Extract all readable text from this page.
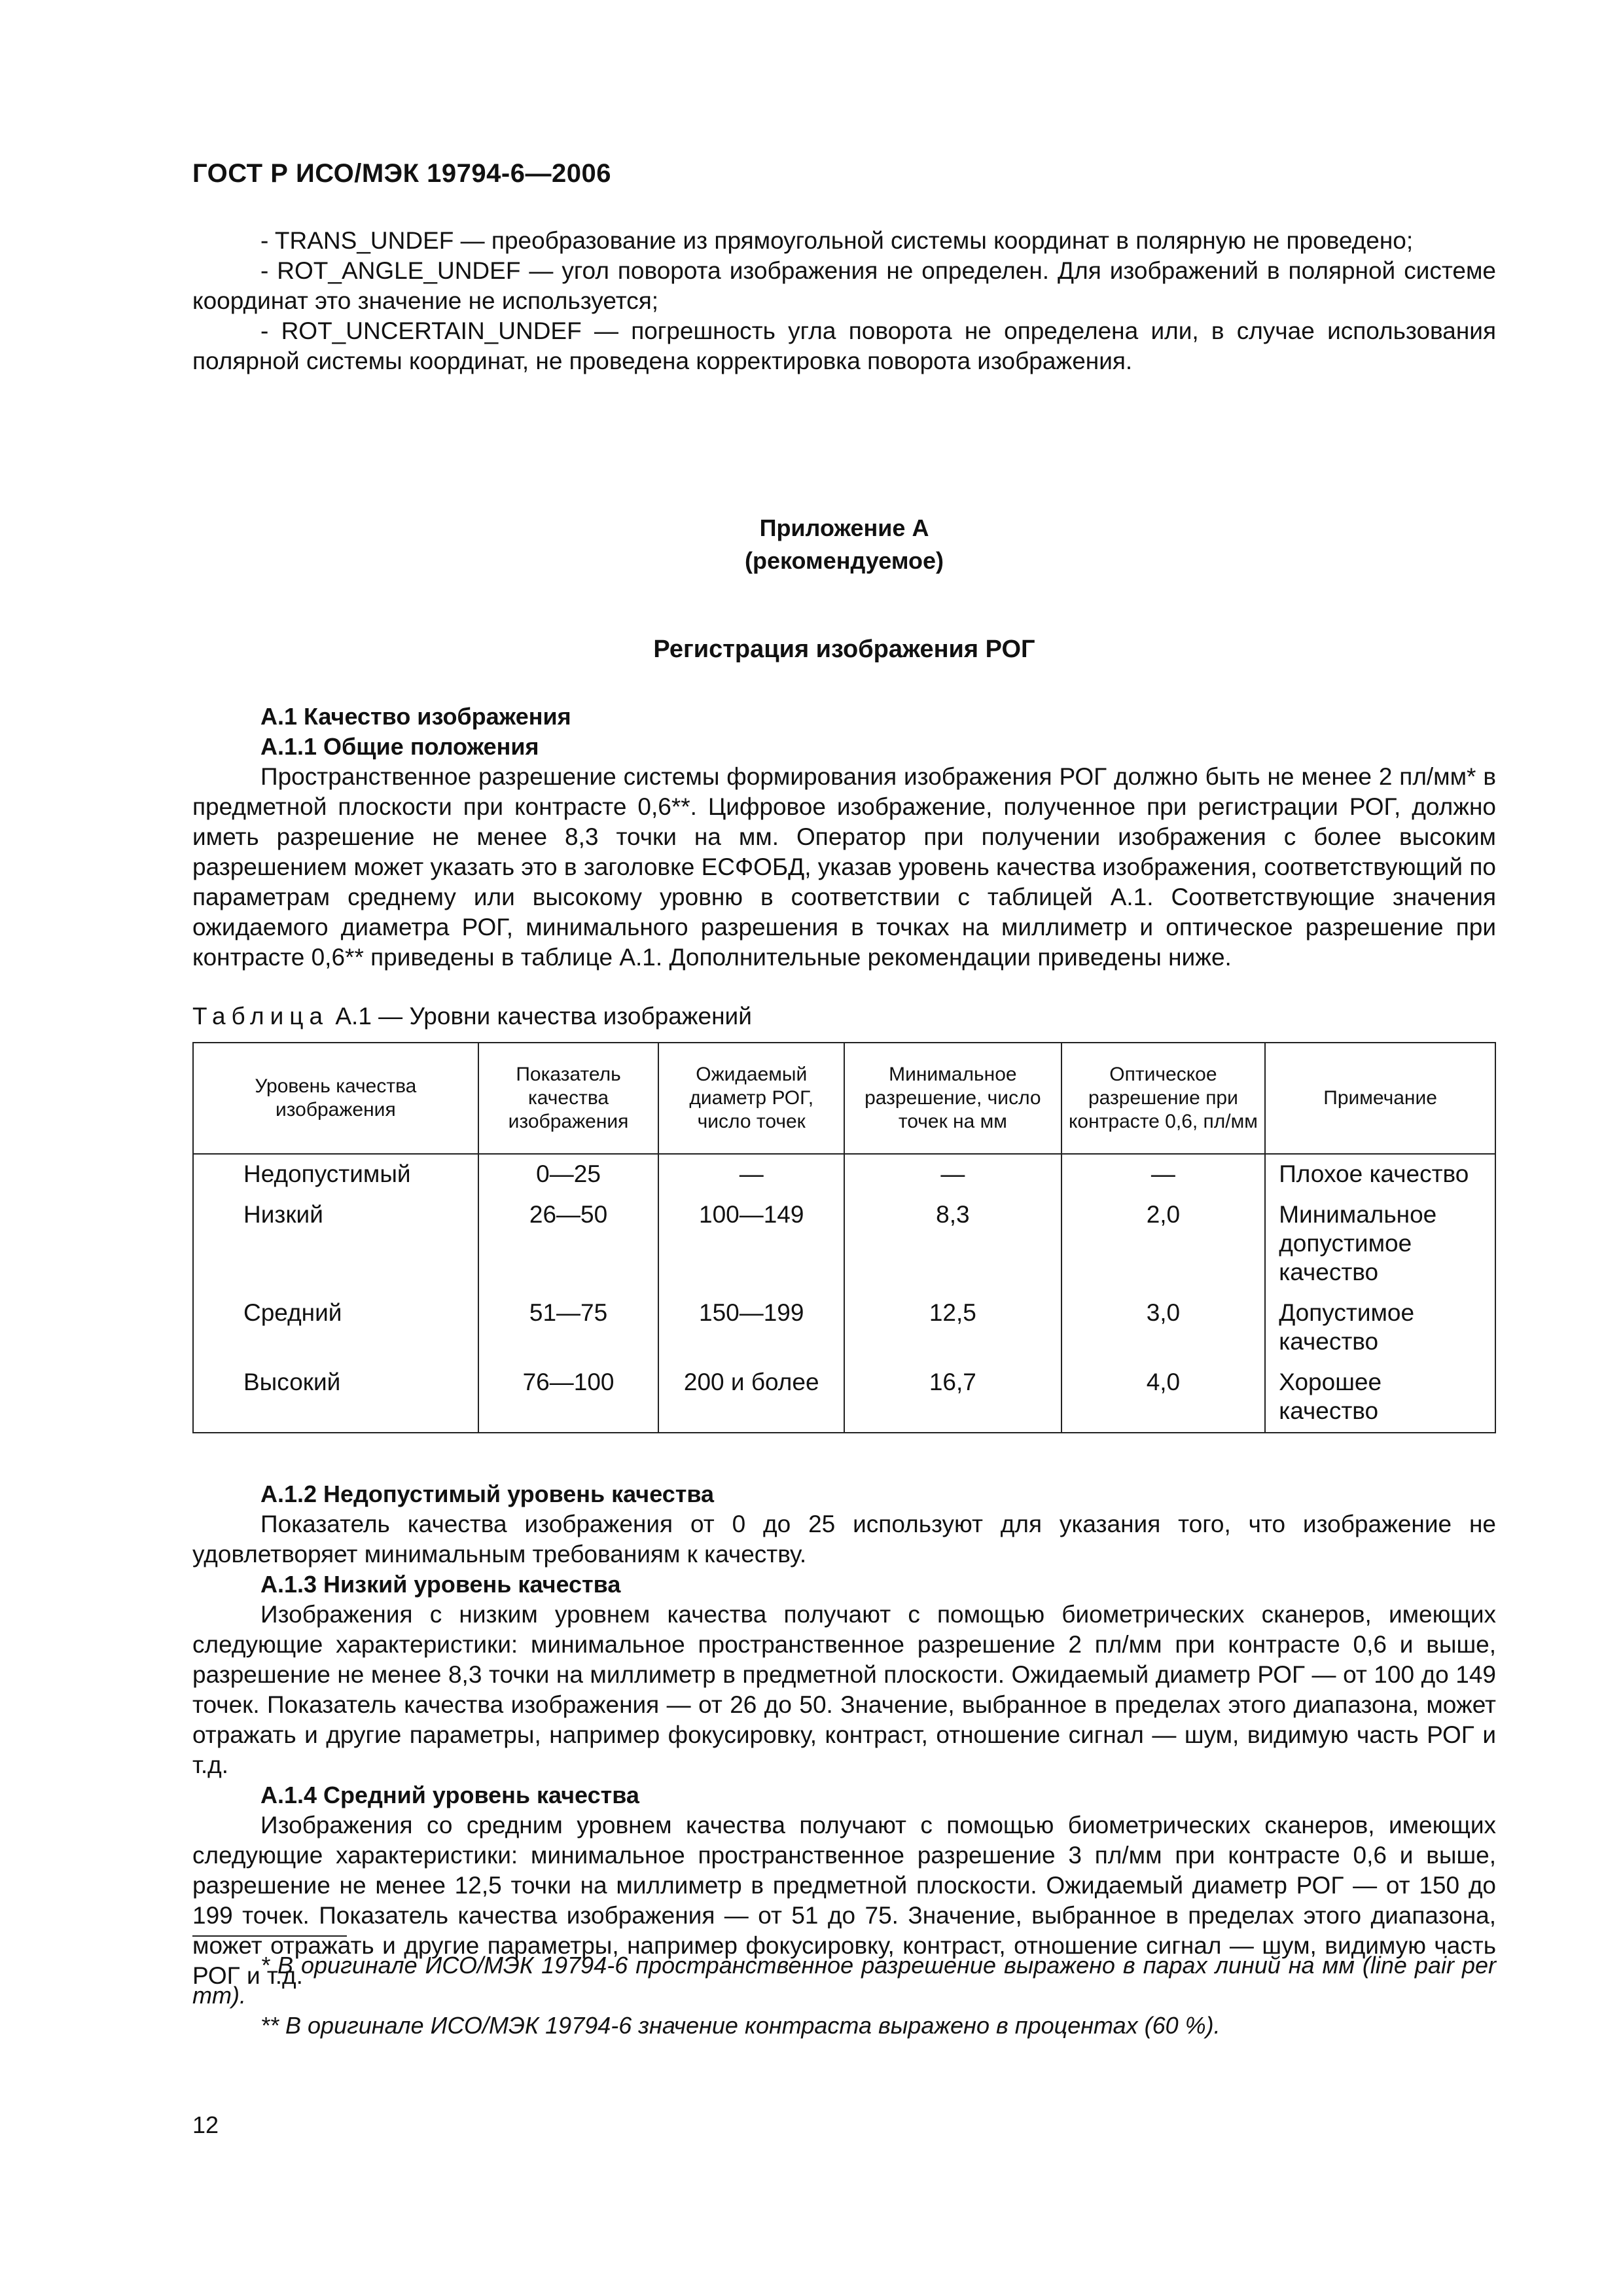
ГОСТ Р ИСО/МЭК 19794-6—2006

- TRANS_UNDEF — преобразование из прямоугольной системы координат в полярную не проведено;

- ROT_ANGLE_UNDEF — угол поворота изображения не определен. Для изображений в полярной системе координат это значение не используется;

- ROT_UNCERTAIN_UNDEF — погрешность угла поворота не определена или, в случае использования полярной системы координат, не проведена корректировка поворота изображения.

Приложение А
(рекомендуемое)
Регистрация изображения РОГ
А.1 Качество изображения
А.1.1 Общие положения

Пространственное разрешение системы формирования изображения РОГ должно быть не менее 2 пл/мм* в предметной плоскости при контрасте 0,6**. Цифровое изображение, полученное при регистрации РОГ, должно иметь разрешение не менее 8,3 точки на мм. Оператор при получении изображения с более высоким разрешением может указать это в заголовке ЕСФОБД, указав уровень качества изображения, соответствующий по параметрам среднему или высокому уровню в соответствии с таблицей А.1. Соответствующие значения ожидаемого диаметра РОГ, минимального разрешения в точках на миллиметр и оптическое разрешение при контрасте 0,6** приведены в таблице А.1. Дополнительные рекомендации приведены ниже.

Таблица А.1 — Уровни качества изображений
Уровень качества изображения	Показатель качества изображения	Ожидаемый диаметр РОГ, число точек	Минимальное разрешение, число точек на мм	Оптическое разрешение при контрасте 0,6, пл/мм	Примечание
Недопустимый	0—25	—	—	—	Плохое качество
Низкий	26—50	100—149	8,3	2,0	Минимальное допустимое качество
Средний	51—75	150—199	12,5	3,0	Допустимое качество
Высокий	76—100	200 и более	16,7	4,0	Хорошее качество
А.1.2 Недопустимый уровень качества

Показатель качества изображения от 0 до 25 используют для указания того, что изображение не удовлетворяет минимальным требованиям к качеству.

А.1.3 Низкий уровень качества

Изображения с низким уровнем качества получают с помощью биометрических сканеров, имеющих следующие характеристики: минимальное пространственное разрешение 2 пл/мм при контрасте 0,6 и выше, разрешение не менее 8,3 точки на миллиметр в предметной плоскости. Ожидаемый диаметр РОГ — от 100 до 149 точек. Показатель качества изображения — от 26 до 50. Значение, выбранное в пределах этого диапазона, может отражать и другие параметры, например фокусировку, контраст, отношение сигнал — шум, видимую часть РОГ и т.д.

А.1.4 Средний уровень качества

Изображения со средним уровнем качества получают с помощью биометрических сканеров, имеющих следующие характеристики: минимальное пространственное разрешение 3 пл/мм при контрасте 0,6 и выше, разрешение не менее 12,5 точки на миллиметр в предметной плоскости. Ожидаемый диаметр РОГ — от 150 до 199 точек. Показатель качества изображения — от 51 до 75. Значение, выбранное в пределах этого диапазона, может отражать и другие параметры, например фокусировку, контраст, отношение сигнал — шум, видимую часть РОГ и т.д.

* В оригинале ИСО/МЭК 19794-6 пространственное разрешение выражено в парах линий на мм (line pair per mm).

** В оригинале ИСО/МЭК 19794-6 значение контраста выражено в процентах (60 %).

12
